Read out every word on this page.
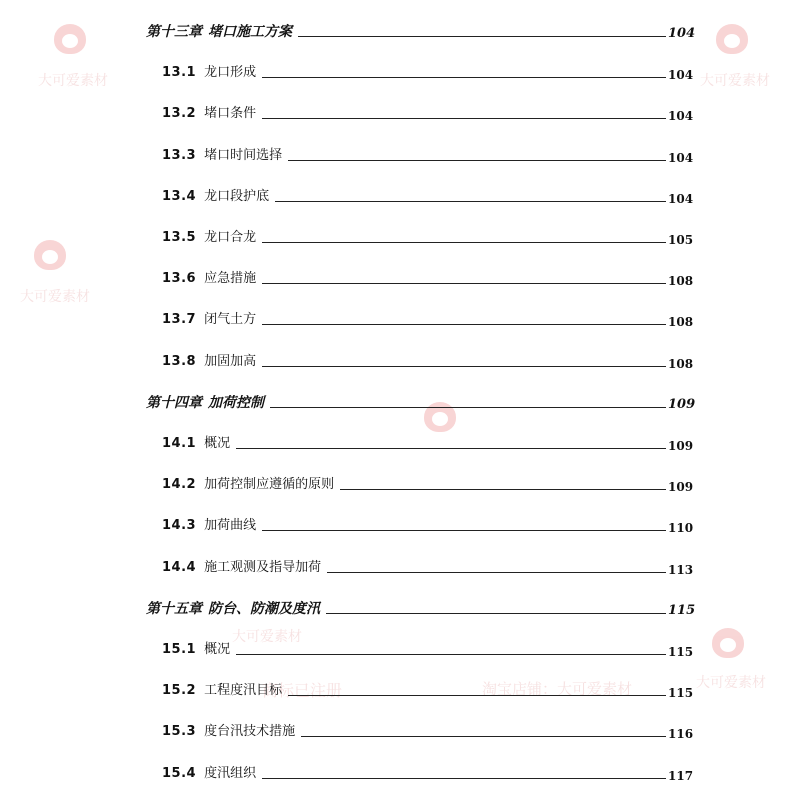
大可爱素材	大可爱素材
大可爱素材
大可爱素材
大可爱素材
商标已注册	淘宝店铺：大可爱素材
第十三章 堵口施工方案	104
13.1 龙口形成	104
13.2 堵口条件	104
13.3 堵口时间选择	104
13.4 龙口段护底	104
13.5 龙口合龙	105
13.6 应急措施	108
13.7 闭气土方	108
13.8 加固加高	108
第十四章 加荷控制	109
14.1 概况	109
14.2 加荷控制应遵循的原则	109
14.3 加荷曲线	110
14.4 施工观测及指导加荷	113
第十五章 防台、防潮及度汛	115
15.1 概况	115
15.2 工程度汛目标	115
15.3 度台汛技术措施	116
15.4 度汛组织	117
